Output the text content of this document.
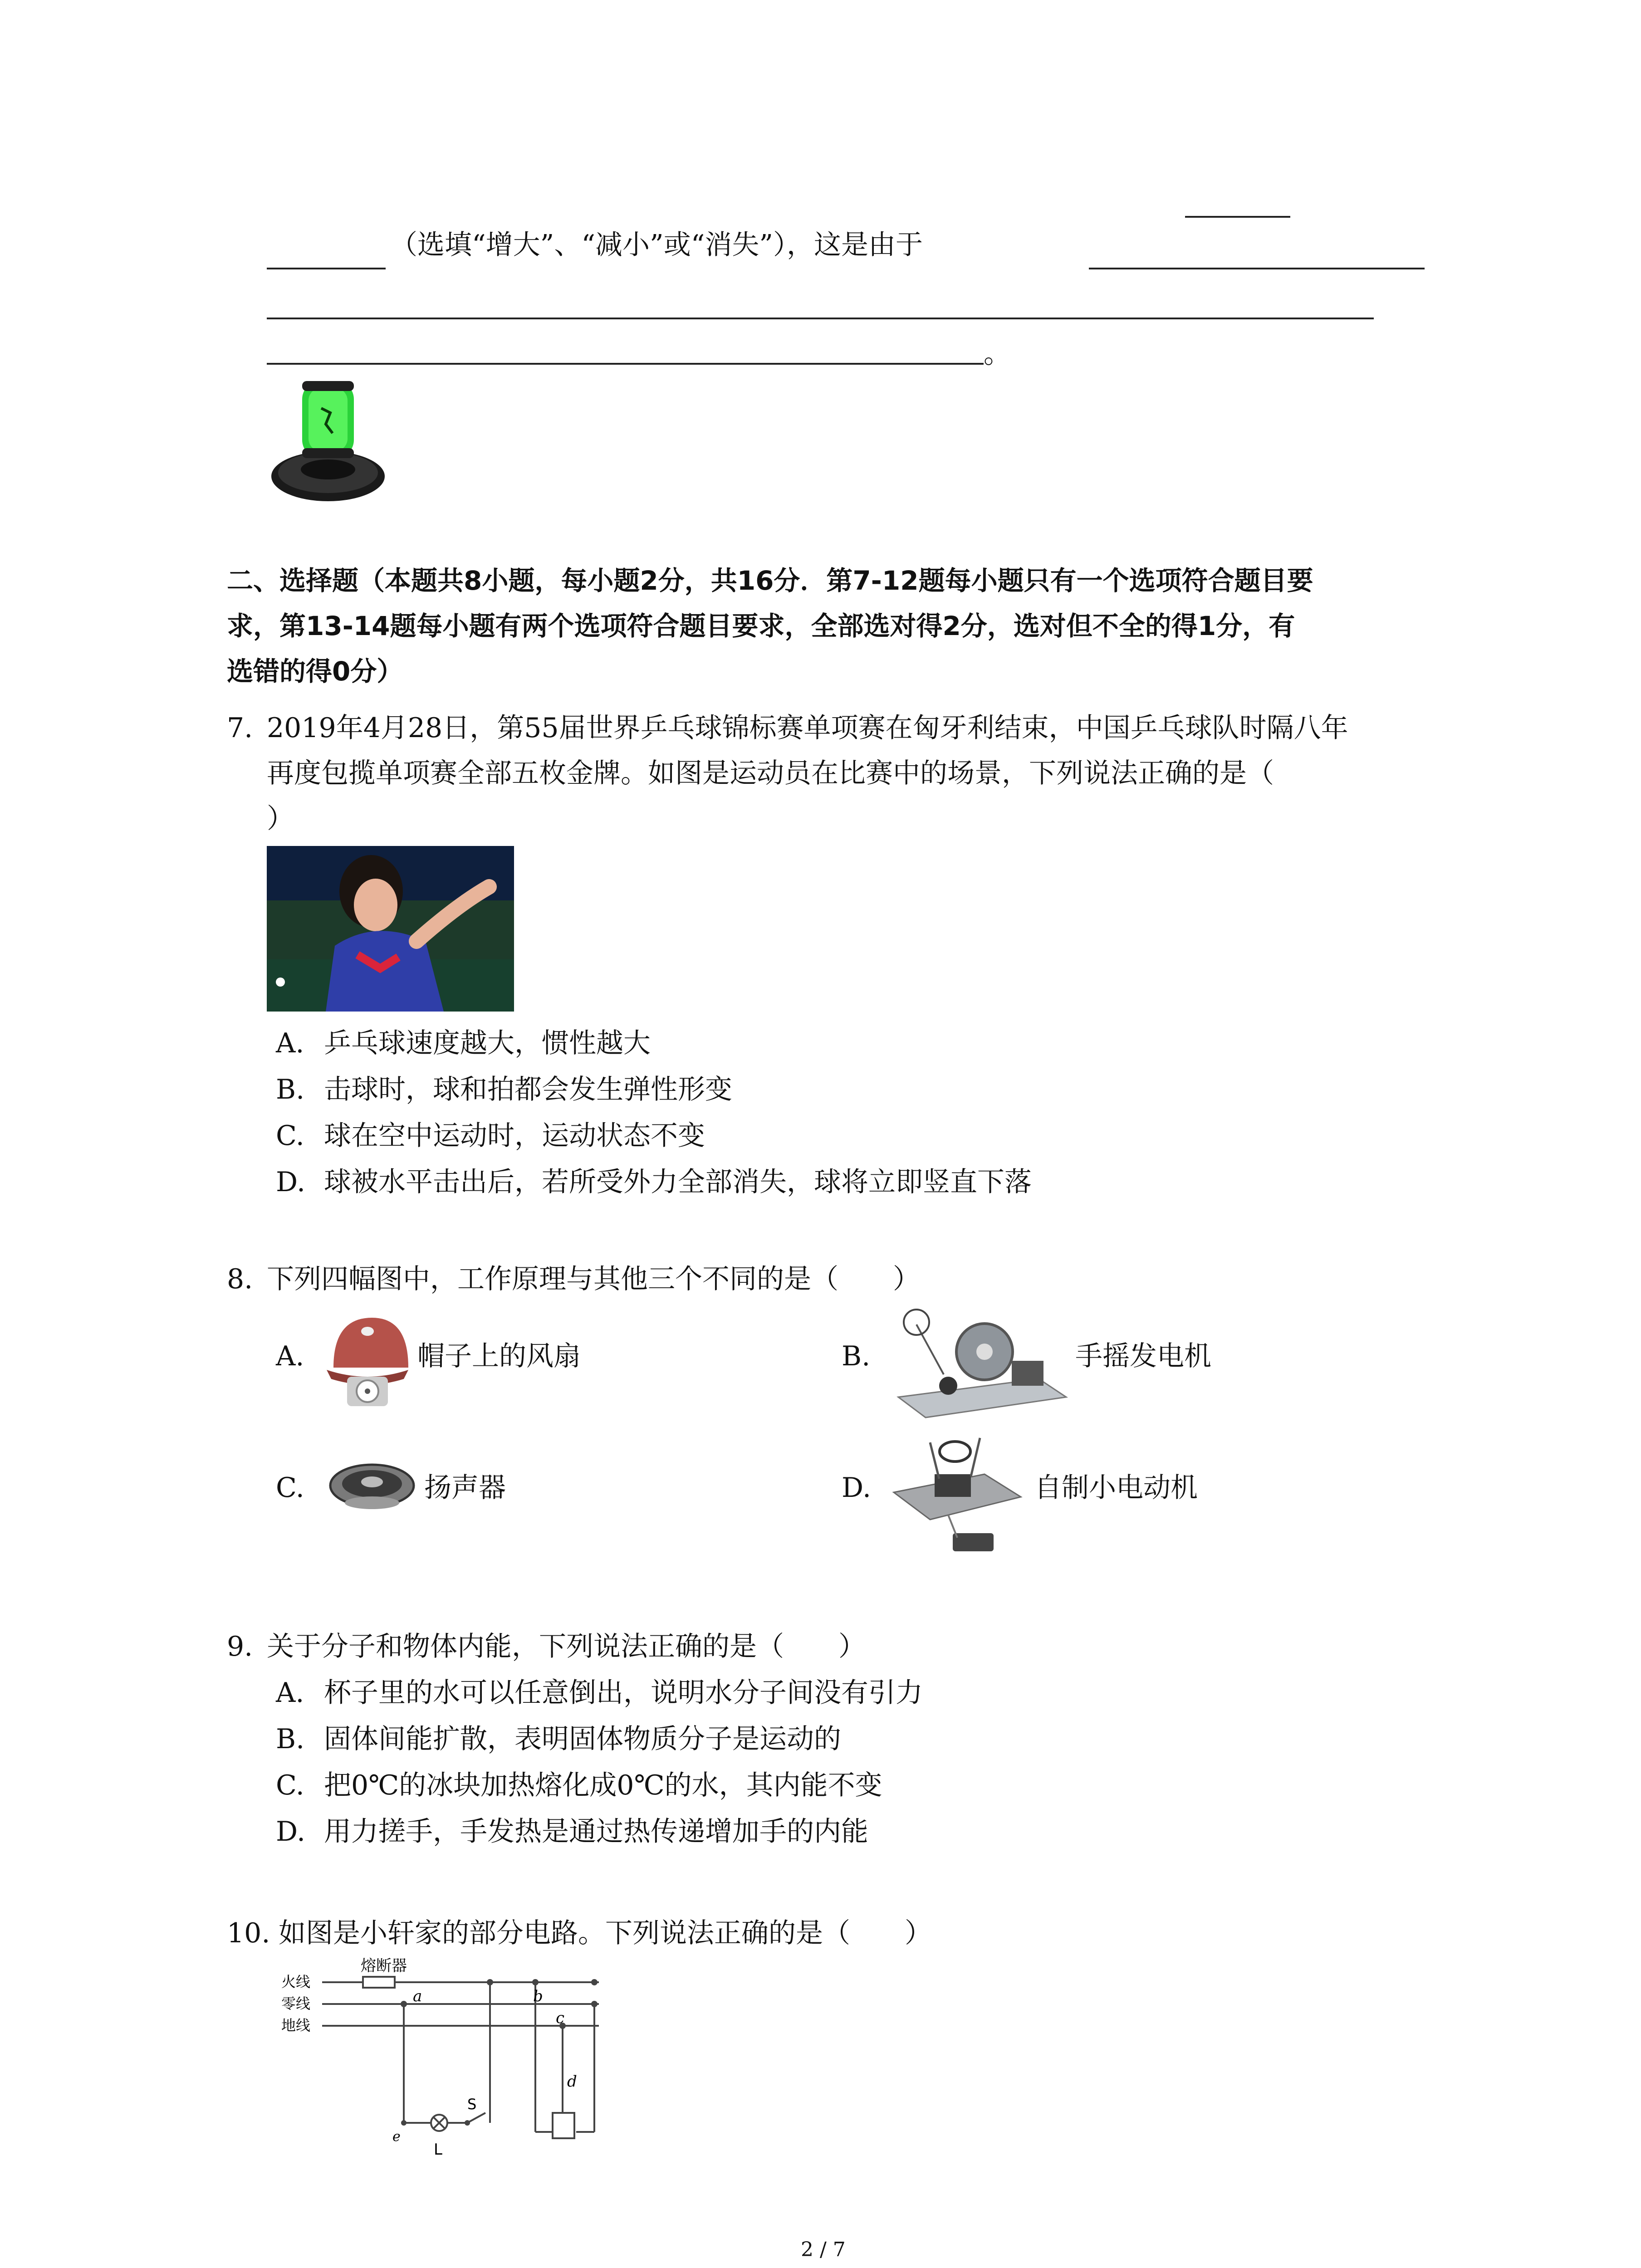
（选填“增大”、“减小”或“消失”），这是由于
。
二、选择题（本题共8小题，每小题2分，共16分．第7-12题每小题只有一个选项符合题目要
求，第13-14题每小题有两个选项符合题目要求，全部选对得2分，选对但不全的得1分，有
选错的得0分）
7. 2019年4月28日，第55届世界乒乓球锦标赛单项赛在匈牙利结束，中国乒乓球队时隔八年
再度包揽单项赛全部五枚金牌。如图是运动员在比赛中的场景，下列说法正确的是（
）
A. 乒乓球速度越大，惯性越大
B. 击球时，球和拍都会发生弹性形变
C. 球在空中运动时，运动状态不变
D. 球被水平击出后，若所受外力全部消失，球将立即竖直下落
8. 下列四幅图中，工作原理与其他三个不同的是（　　）
A.	帽子上的风扇	B.	手摇发电机
C.	扬声器	D.	自制小电动机
9. 关于分子和物体内能，下列说法正确的是（　　）
A. 杯子里的水可以任意倒出，说明水分子间没有引力
B. 固体间能扩散，表明固体物质分子是运动的
C. 把0℃的冰块加热熔化成0℃的水，其内能不变
D. 用力搓手，手发热是通过热传递增加手的内能
10. 如图是小轩家的部分电路。下列说法正确的是（　　）
熔断器
火线
零线
地线
a	b
c
d
e
S
L
2 / 7
